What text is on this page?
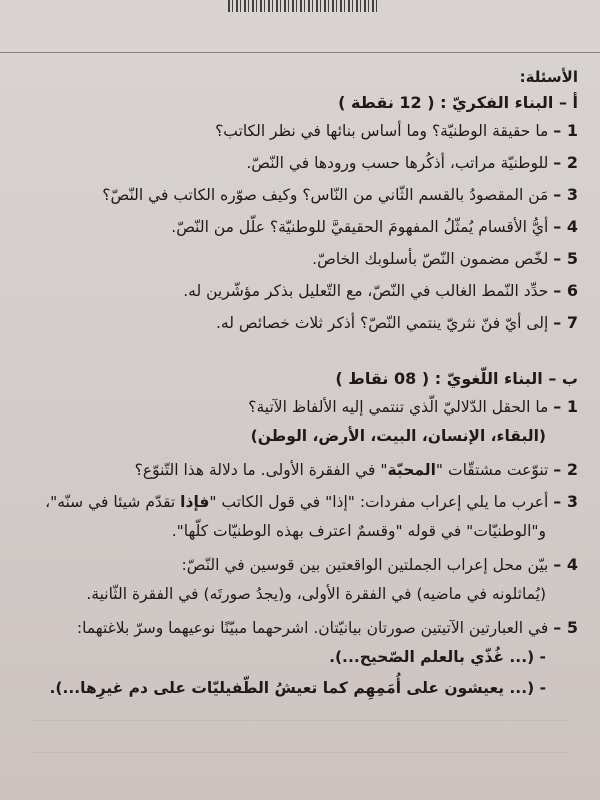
الأسئلة:
أ – البناء الفكريّ : ( 12 نقطة )
1 – ما حقيقة الوطنيّة؟ وما أساس بنائها في نظر الكاتب؟
2 – للوطنيّة مراتب، أذكُرها حسب ورودها في النّصّ.
3 – مَن المقصودُ بالقسم الثّاني من النّاس؟ وكيف صوّره الكاتب في النّصّ؟
4 – أيُّ الأقسام يُمثّلُ المفهومَ الحقيقيَّ للوطنيّة؟ علّل من النّصّ.
5 – لخّص مضمون النّصّ بأسلوبك الخاصّ.
6 – حدِّد النّمط الغالب في النّصّ، مع التّعليل بذكر مؤشّرين له.
7 – إلى أيّ فنّ نثريّ ينتمي النّصّ؟ أذكر ثلاث خصائص له.
ب – البناء اللّغويّ : ( 08 نقاط )
1 – ما الحقل الدّلاليّ الّذي تنتمي إليه الألفاظ الآتية؟
(البقاء، الإنسان، البيت، الأرض، الوطن)
2 – تنوّعت مشتقّات "المحبّة" في الفقرة الأولى. ما دلالة هذا التّنوّع؟
3 – أعرب ما يلي إعراب مفردات: "إذا" في قول الكاتب "فإذا تقدّم شيئا في سنّه"،
و"الوطنيّات" في قوله "وقسمٌ اعترف بهذه الوطنيّات كلّها".
4 – بيّن محل إعراب الجملتين الواقعتين بين قوسين في النّصّ:
(يُماثلونه في ماضيه) في الفقرة الأولى، و(يجدُ صورتَه) في الفقرة الثّانية.
5 – في العبارتين الآتيتين صورتان بيانيّتان. اشرحهما مبيّنًا نوعيهما وسرّ بلاغتهما:
- (... غُذّي بالعلم الصّحيح...).
- (... يعيشون على أُمَمِهِم كما تعيشُ الطّفيليّات على دم غيرِها...).
